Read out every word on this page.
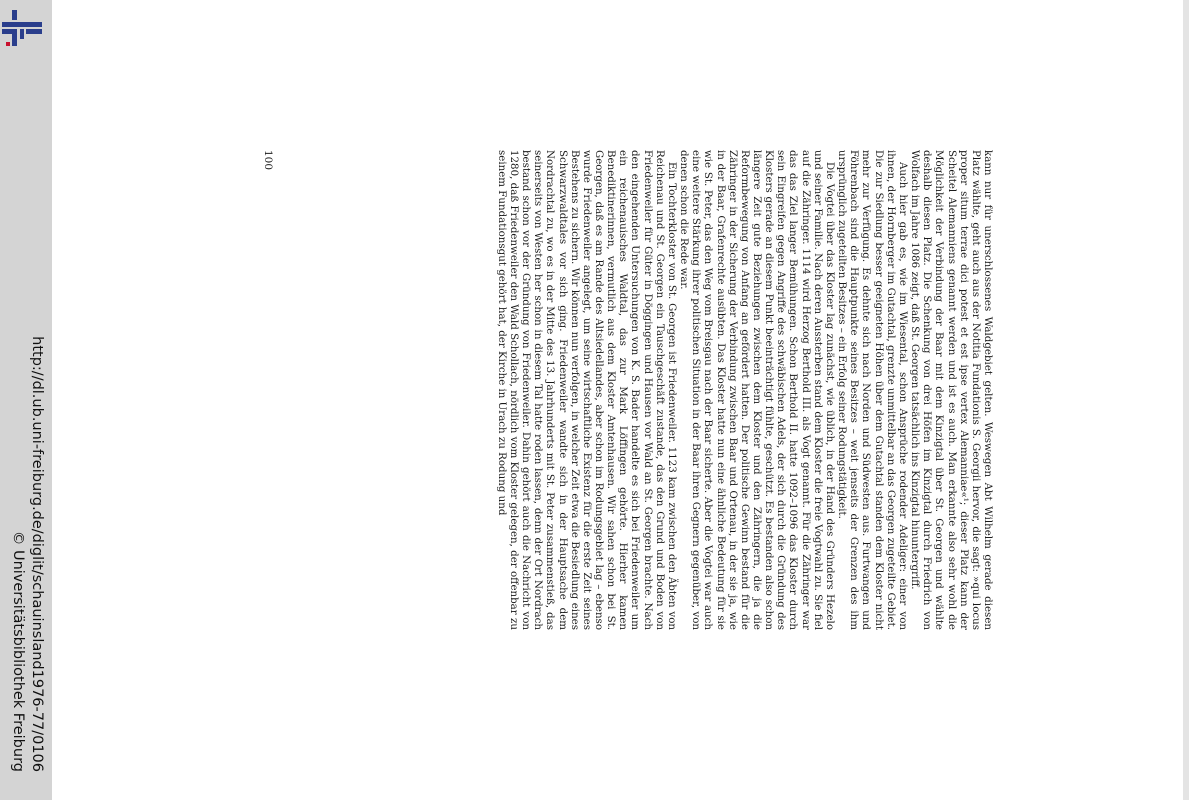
http://dl.ub.uni-freiburg.de/diglit/schauinsland1976-77/0106
© Universitätsbibliothek Freiburg

kann nur für unerschlossenes Waldgebiet gelten. Weswegen Abt Wilhelm gerade diesen Platz wählte, geht auch aus der Notitia Fundationis S. Georgii hervor, die sagt: »qui locus proper situm terrae dici potest et est ipse vertex Alemanniae«¹; dieser Platz kann der Scheitel Alemanniens genannt werden und ist es auch. Man erkannte also sehr wohl die Möglichkeit der Verbindung der Baar mit dem Kinzigtal über St. Georgen und wählte deshalb diesen Platz. Die Schenkung von drei Höfen im Kinzigtal durch Friedrich von Wolfach im Jahre 1086 zeigt, daß St. Georgen tatsächlich ins Kinzigtal hinuntergriff.

Auch hier gab es, wie im Wiesental, schon Ansprüche rodender Adeliger: einer von ihnen, der Hornberger im Gutachtal, grenzte unmittelbar an das Georgen zugeteilte Gebiet. Die zur Siedlung besser geeigneten Höhen über dem Gutachtal standen dem Kloster nicht mehr zur Verfügung. Es dehnte sich nach Norden und Südwesten aus. Furtwangen und Föhrenbach sind die Hauptpunkte seines Besitzes – weit jenseits der Grenzen des ihm ursprünglich zugeteilten Besitzes – ein Erfolg seiner Rodungstätigkeit.

Die Vogtei über das Kloster lag zunächst, wie üblich, in der Hand des Gründers Hezelo und seiner Familie. Nach deren Aussterben stand dem Kloster die freie Vogtwahl zu. Sie fiel auf die Zähringer. 1114 wird Herzog Berthold III. als Vogt genannt. Für die Zähringer war das das Ziel langer Bemühungen. Schon Berthold II. hatte 1092–1096 das Kloster durch sein Eingreifen gegen Angriffe des schwäbischen Adels, der sich durch die Gründung des Klosters gerade an diesem Punkt beeinträchtigt fühlte, geschützt. Es bestanden also schon längere Zeit gute Beziehungen zwischen dem Kloster und den Zähringern, die ja die Reformbewegung von Anfang an gefördert hatten. Der politische Gewinn bestand für die Zähringer in der Sicherung der Verbindung zwischen Baar und Ortenau, in der sie ja, wie in der Baar, Grafenrechte ausübten. Das Kloster hatte nun eine ähnliche Bedeutung für sie wie St. Peter, das den Weg vom Breisgau nach der Baar sicherte. Aber die Vogtei war auch eine weitere Stärkung ihrer politischen Situation in der Baar ihren Gegnern gegenüber, von denen schon die Rede war.

Ein Tochterkloster von St. Georgen ist Friedenweiler. 1123 kam zwischen den Äbten von Reichenau und St. Georgen ein Tauschgeschäft zustande, das den Grund und Boden von Friedenweiler für Güter in Döggingen und Hausen vor Wald an St. Georgen brachte. Nach den eingehenden Untersuchungen von K. S. Bader handelte es sich bei Friedenweiler um ein reichenauisches Waldtal, das zur Mark Löffingen gehörte. Hierher kamen Benediktinerinnen, vermutlich aus dem Kloster Amtenhausen. Wir sahen schon bei St. Georgen, daß es am Rande des Altsiedellandes, aber schon im Rodungsgebiet lag – ebenso wurde Friedenweiler angelegt, um seine wirtschaftliche Existenz für die erste Zeit seines Bestehens zu sichern. Wir können nun verfolgen, in welcher Zeit etwa die Besiedlung eines Schwarzwaldtales vor sich ging. Friedenweiler wandte sich in der Hauptsache dem Nordrachtal zu, wo es in der Mitte des 13. Jahrhunderts mit St. Peter zusammenstieß, das seinerseits von Westen her schon in diesem Tal hatte roden lassen, denn der Ort Nordrach bestand schon vor der Gründung von Friedenweiler. Dahin gehört auch die Nachricht von 1280, daß Friedenweiler den Wald Schollach, nördlich vom Kloster gelegen, der offenbar zu seinem Fundationsgut gehört hat, der Kirche in Urach zu Rodung und

100
